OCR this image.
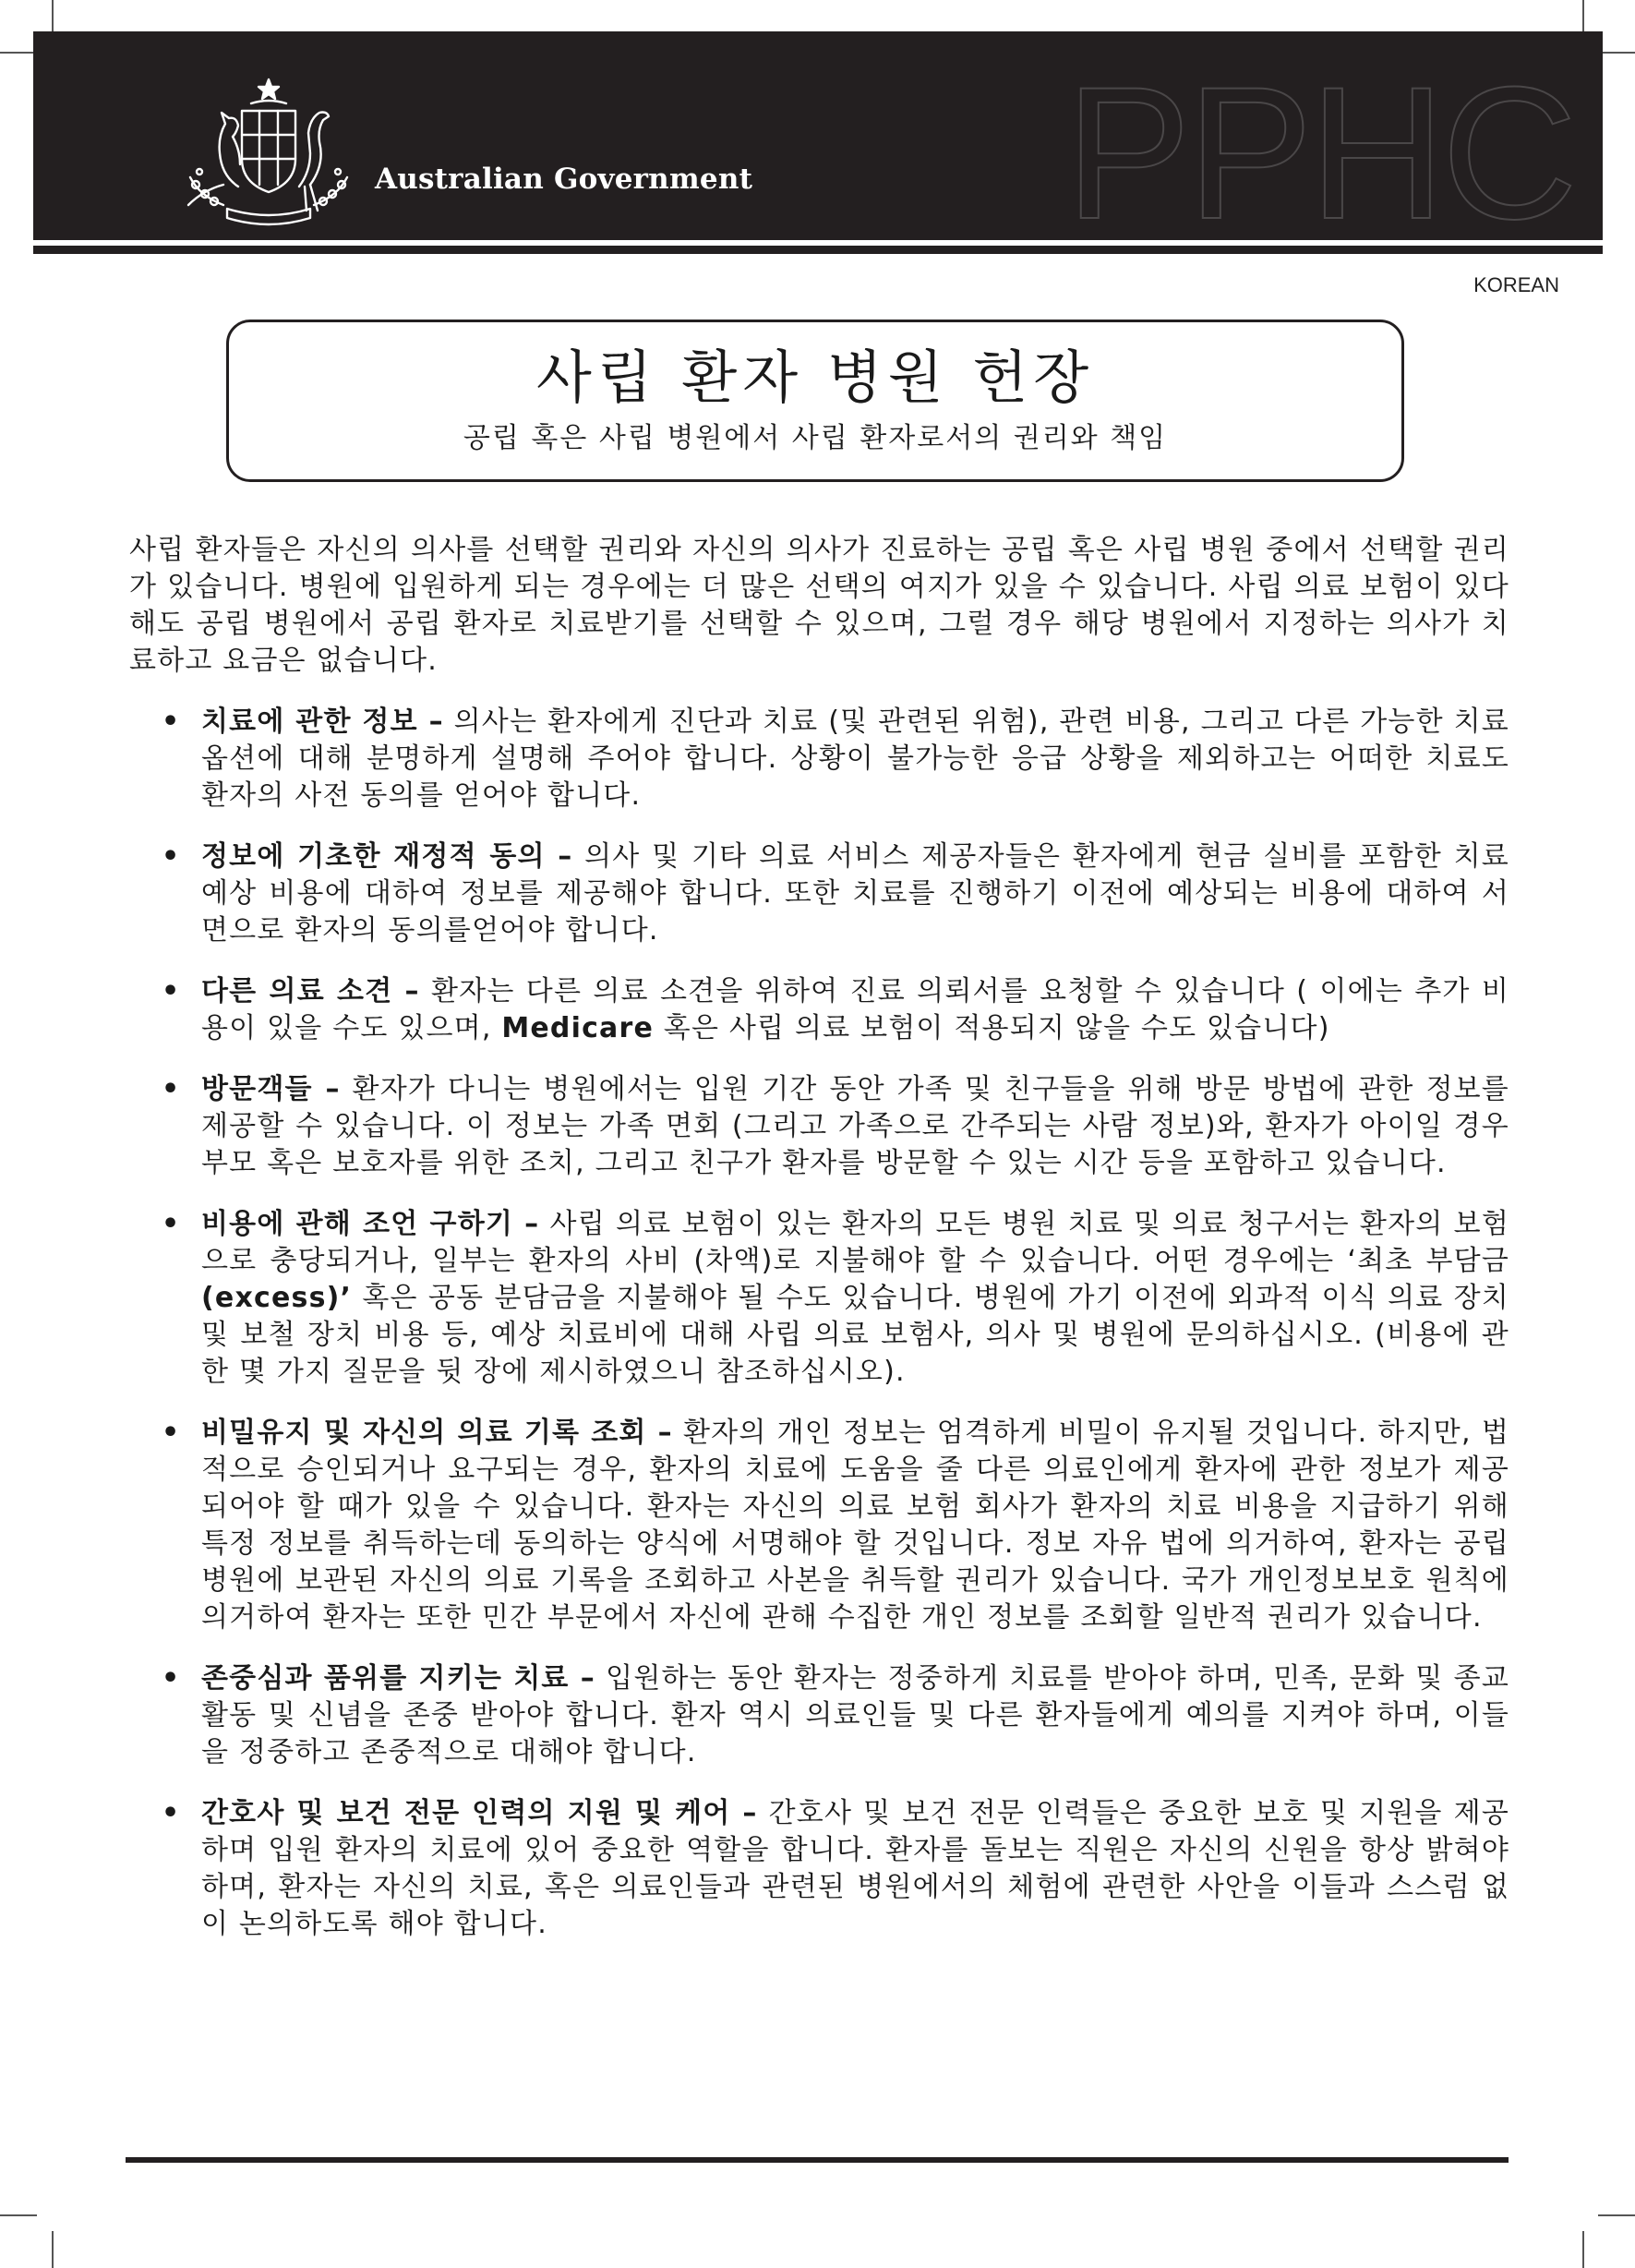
Australian Government PPHC
KOREAN
사립 환자 병원 헌장
공립 혹은 사립 병원에서 사립 환자로서의 권리와 책임

사립 환자들은 자신의 의사를 선택할 권리와 자신의 의사가 진료하는 공립 혹은 사립 병원 중에서 선택할 권리가 있습니다. 병원에 입원하게 되는 경우에는 더 많은 선택의 여지가 있을 수 있습니다. 사립 의료 보험이 있다 해도 공립 병원에서 공립 환자로 치료받기를 선택할 수 있으며, 그럴 경우 해당 병원에서 지정하는 의사가 치료하고 요금은 없습니다.

• 치료에 관한 정보 – 의사는 환자에게 진단과 치료 (및 관련된 위험), 관련 비용, 그리고 다른 가능한 치료 옵션에 대해 분명하게 설명해 주어야 합니다. 상황이 불가능한 응급 상황을 제외하고는 어떠한 치료도 환자의 사전 동의를 얻어야 합니다.
• 정보에 기초한 재정적 동의 – 의사 및 기타 의료 서비스 제공자들은 환자에게 현금 실비를 포함한 치료 예상 비용에 대하여 정보를 제공해야 합니다. 또한 치료를 진행하기 이전에 예상되는 비용에 대하여 서면으로 환자의 동의를얻어야 합니다.
• 다른 의료 소견 – 환자는 다른 의료 소견을 위하여 진료 의뢰서를 요청할 수 있습니다 ( 이에는 추가 비용이 있을 수도 있으며, Medicare 혹은 사립 의료 보험이 적용되지 않을 수도 있습니다)
• 방문객들 – 환자가 다니는 병원에서는 입원 기간 동안 가족 및 친구들을 위해 방문 방법에 관한 정보를 제공할 수 있습니다. 이 정보는 가족 면회 (그리고 가족으로 간주되는 사람 정보)와, 환자가 아이일 경우 부모 혹은 보호자를 위한 조치, 그리고 친구가 환자를 방문할 수 있는 시간 등을 포함하고 있습니다.
• 비용에 관해 조언 구하기 – 사립 의료 보험이 있는 환자의 모든 병원 치료 및 의료 청구서는 환자의 보험으로 충당되거나, 일부는 환자의 사비 (차액)로 지불해야 할 수 있습니다. 어떤 경우에는 ‘최초 부담금 (excess)’ 혹은 공동 분담금을 지불해야 될 수도 있습니다. 병원에 가기 이전에 외과적 이식 의료 장치 및 보철 장치 비용 등, 예상 치료비에 대해 사립 의료 보험사, 의사 및 병원에 문의하십시오. (비용에 관한 몇 가지 질문을 뒷 장에 제시하였으니 참조하십시오).
• 비밀유지 및 자신의 의료 기록 조회 – 환자의 개인 정보는 엄격하게 비밀이 유지될 것입니다. 하지만, 법적으로 승인되거나 요구되는 경우, 환자의 치료에 도움을 줄 다른 의료인에게 환자에 관한 정보가 제공되어야 할 때가 있을 수 있습니다. 환자는 자신의 의료 보험 회사가 환자의 치료 비용을 지급하기 위해 특정 정보를 취득하는데 동의하는 양식에 서명해야 할 것입니다. 정보 자유 법에 의거하여, 환자는 공립 병원에 보관된 자신의 의료 기록을 조회하고 사본을 취득할 권리가 있습니다. 국가 개인정보보호 원칙에 의거하여 환자는 또한 민간 부문에서 자신에 관해 수집한 개인 정보를 조회할 일반적 권리가 있습니다.
• 존중심과 품위를 지키는 치료 – 입원하는 동안 환자는 정중하게 치료를 받아야 하며, 민족, 문화 및 종교 활동 및 신념을 존중 받아야 합니다. 환자 역시 의료인들 및 다른 환자들에게 예의를 지켜야 하며, 이들을 정중하고 존중적으로 대해야 합니다.
• 간호사 및 보건 전문 인력의 지원 및 케어 – 간호사 및 보건 전문 인력들은 중요한 보호 및 지원을 제공하며 입원 환자의 치료에 있어 중요한 역할을 합니다. 환자를 돌보는 직원은 자신의 신원을 항상 밝혀야 하며, 환자는 자신의 치료, 혹은 의료인들과 관련된 병원에서의 체험에 관련한 사안을 이들과 스스럼 없이 논의하도록 해야 합니다.
